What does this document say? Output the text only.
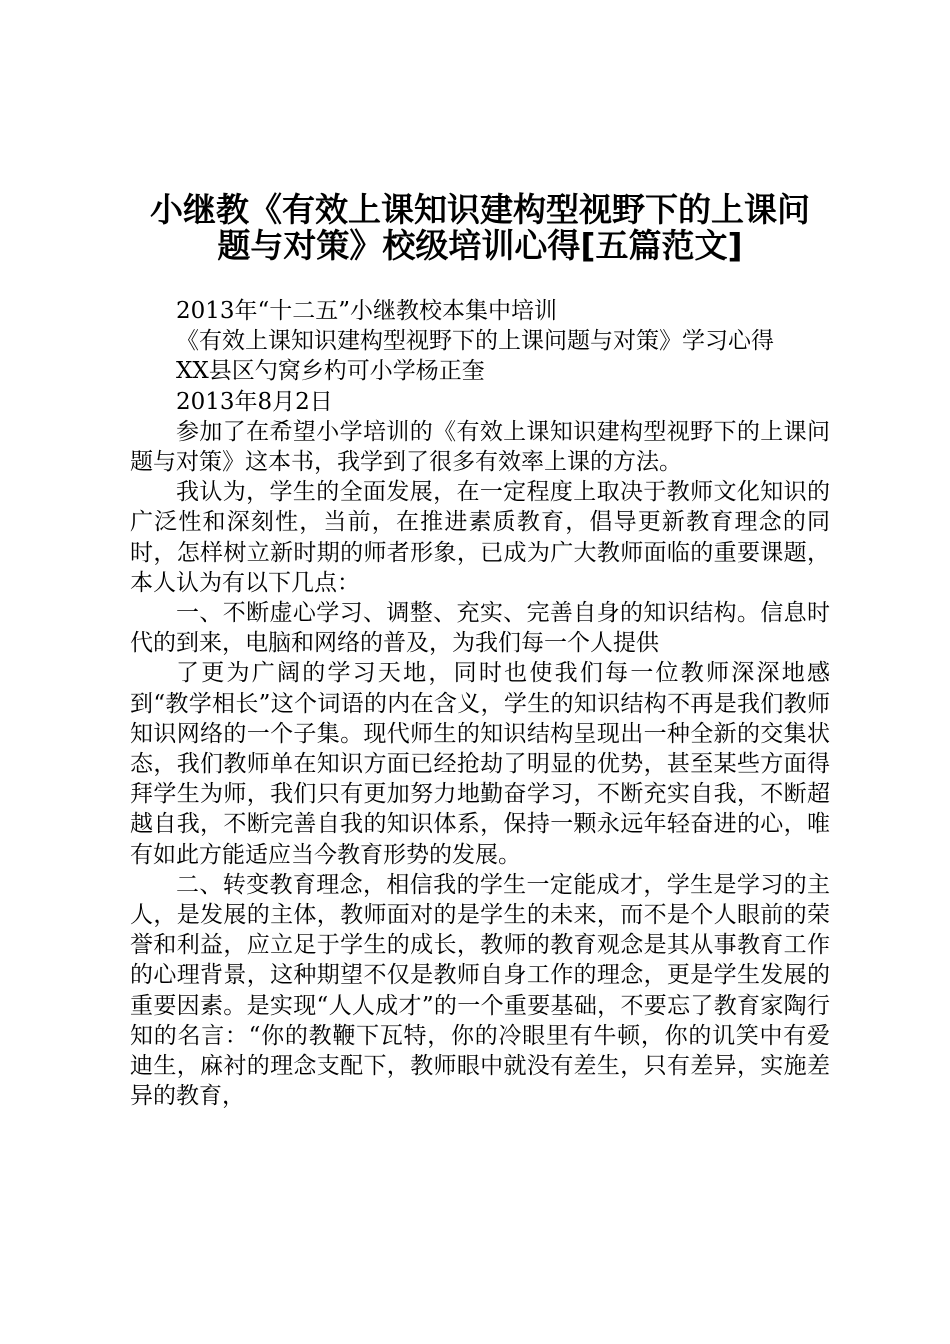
小继教《有效上课知识建构型视野下的上课问
题与对策》校级培训心得[五篇范文]

2013年“十二五”小继教校本集中培训

《有效上课知识建构型视野下的上课问题与对策》学习心得

XX县区勺窝乡杓可小学杨正奎

2013年8月2日

参加了在希望小学培训的《有效上课知识建构型视野下的上课问题与对策》这本书，我学到了很多有效率上课的方法。

我认为，学生的全面发展，在一定程度上取决于教师文化知识的广泛性和深刻性，当前，在推进素质教育，倡导更新教育理念的同时，怎样树立新时期的师者形象，已成为广大教师面临的重要课题，本人认为有以下几点：

一、不断虚心学习、调整、充实、完善自身的知识结构。信息时代的到来，电脑和网络的普及，为我们每一个人提供

了更为广阔的学习天地，同时也使我们每一位教师深深地感到“教学相长”这个词语的内在含义，学生的知识结构不再是我们教师知识网络的一个子集。现代师生的知识结构呈现出一种全新的交集状态，我们教师单在知识方面已经抢劫了明显的优势，甚至某些方面得拜学生为师，我们只有更加努力地勤奋学习，不断充实自我，不断超越自我，不断完善自我的知识体系，保持一颗永远年轻奋进的心，唯有如此方能适应当今教育形势的发展。

二、转变教育理念，相信我的学生一定能成才，学生是学习的主人，是发展的主体，教师面对的是学生的未来，而不是个人眼前的荣誉和利益，应立足于学生的成长，教师的教育观念是其从事教育工作的心理背景，这种期望不仅是教师自身工作的理念，更是学生发展的重要因素。是实现“人人成才”的一个重要基础，不要忘了教育家陶行知的名言：“你的教鞭下瓦特，你的冷眼里有牛顿，你的讥笑中有爱迪生，麻衬的理念支配下，教师眼中就没有差生，只有差异，实施差异的教育，
